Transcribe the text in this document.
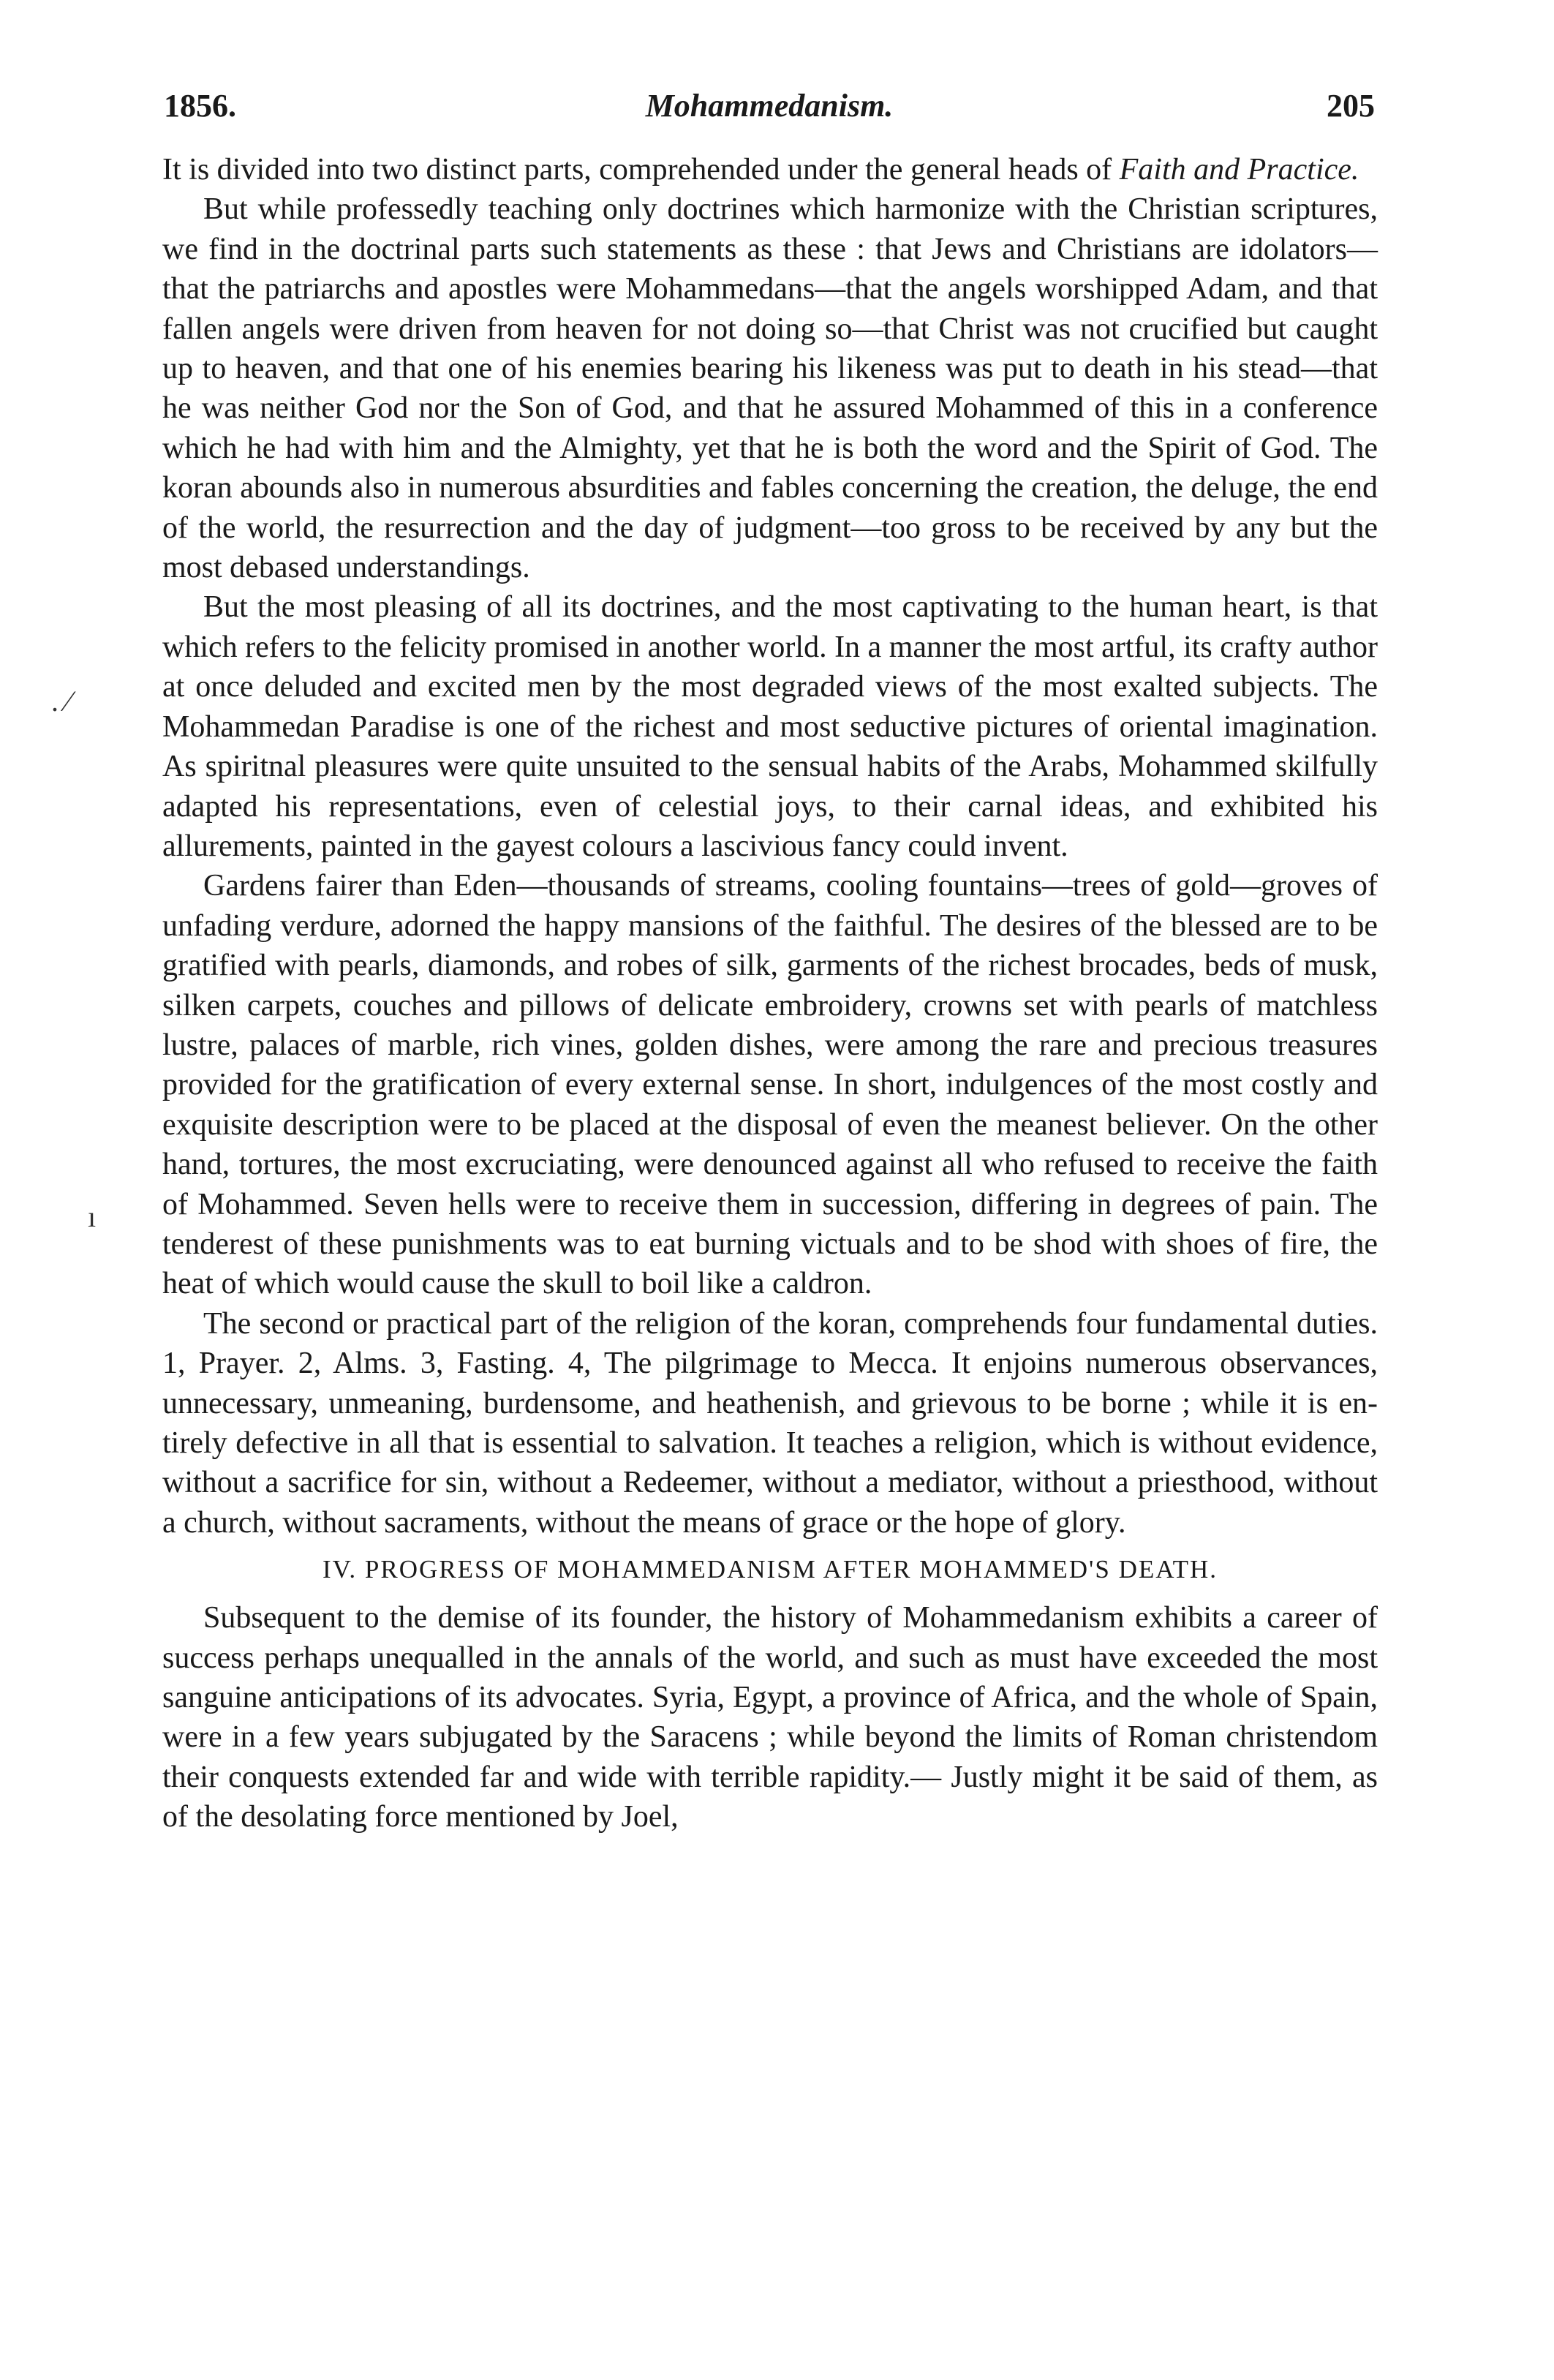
1856.	Mohammedanism.	205
. ⁄
ı

It is divided into two distinct parts, comprehended under the general heads of Faith and Practice.

But while professedly teaching only doctrines which harmonize with the Christian scriptures, we find in the doctrinal parts such statements as these : that Jews and Christians are idolators—that the patriarchs and apostles were Mohammedans—that the angels worshipped Adam, and that fallen angels were driven from heaven for not doing so—that Christ was not crucified but caught up to heaven, and that one of his enemies bearing his likeness was put to death in his stead—that he was neither God nor the Son of God, and that he assured Mohammed of this in a conference which he had with him and the Almighty, yet that he is both the word and the Spirit of God. The koran abounds also in numerous absurdities and fables concerning the creation, the deluge, the end of the world, the resurrection and the day of judgment—too gross to be received by any but the most debased understandings.

But the most pleasing of all its doctrines, and the most captivating to the human heart, is that which refers to the felicity promised in another world. In a manner the most artful, its crafty author at once deluded and excited men by the most degraded views of the most exalted subjects. The Mohammedan Paradise is one of the richest and most seductive pictures of oriental imagination. As spiritnal pleasures were quite unsuited to the sensual habits of the Arabs, Mohammed skilfully adapted his representations, even of celestial joys, to their carnal ideas, and exhibited his allurements, painted in the gayest colours a lascivious fancy could invent.

Gardens fairer than Eden—thousands of streams, cooling fountains—trees of gold—groves of unfading verdure, adorned the happy mansions of the faithful. The desires of the blessed are to be gratified with pearls, diamonds, and robes of silk, garments of the richest brocades, beds of musk, silken carpets, couches and pillows of delicate embroidery, crowns set with pearls of matchless lustre, palaces of marble, rich vines, golden dishes, were among the rare and precious treasures provided for the gratification of every external sense. In short, indulgences of the most costly and exquisite description were to be placed at the disposal of even the meanest believer. On the other hand, tortures, the most excruciating, were denounced against all who refused to receive the faith of Mohammed. Seven hells were to receive them in succession, differing in degrees of pain. The tenderest of these punishments was to eat burning victuals and to be shod with shoes of fire, the heat of which would cause the skull to boil like a caldron.

The second or practical part of the religion of the koran, comprehends four fundamental duties. 1, Prayer. 2, Alms. 3, Fasting. 4, The pilgrimage to Mecca. It enjoins numerous observances, unnecessary, unmeaning, burdensome, and heathenish, and grievous to be borne ; while it is entirely defective in all that is essential to salvation. It teaches a religion, which is without evidence, without a sacrifice for sin, without a Redeemer, without a mediator, without a priesthood, without a church, without sacraments, without the means of grace or the hope of glory.

IV. PROGRESS OF MOHAMMEDANISM AFTER MOHAMMED'S DEATH.

Subsequent to the demise of its founder, the history of Mohammedanism exhibits a career of success perhaps unequalled in the annals of the world, and such as must have exceeded the most sanguine anticipations of its advocates. Syria, Egypt, a province of Africa, and the whole of Spain, were in a few years subjugated by the Saracens ; while beyond the limits of Roman christendom their conquests extended far and wide with terrible rapidity.— Justly might it be said of them, as of the desolating force mentioned by Joel,
